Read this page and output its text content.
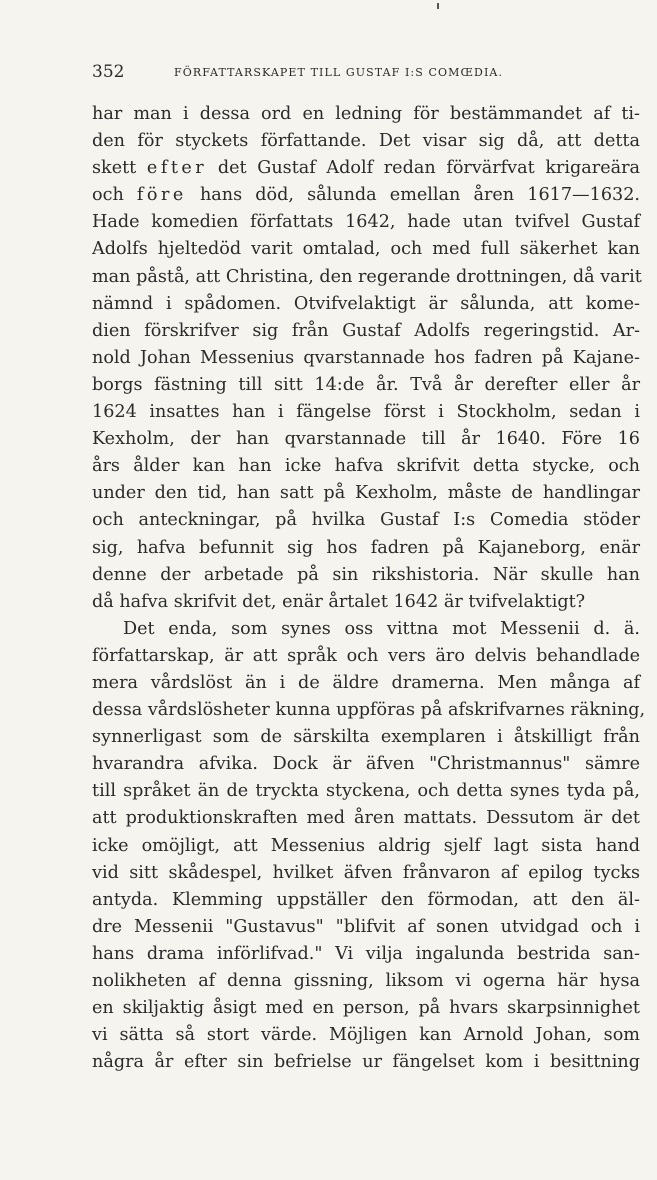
352	FÖRFATTARSKAPET TILL GUSTAF I:S COMŒDIA.
har man i dessa ord en ledning för bestämmandet af ti-
den för styckets författande. Det visar sig då, att detta
skett efter det Gustaf Adolf redan förvärfvat krigareära
och före hans död, sålunda emellan åren 1617—1632.
Hade komedien författats 1642, hade utan tvifvel Gustaf
Adolfs hjeltedöd varit omtalad, och med full säkerhet kan
man påstå, att Christina, den regerande drottningen, då varit
nämnd i spådomen. Otvifvelaktigt är sålunda, att kome-
dien förskrifver sig från Gustaf Adolfs regeringstid. Ar-
nold Johan Messenius qvarstannade hos fadren på Kajane-
borgs fästning till sitt 14:de år. Två år derefter eller år
1624 insattes han i fängelse först i Stockholm, sedan i
Kexholm, der han qvarstannade till år 1640. Före 16
års ålder kan han icke hafva skrifvit detta stycke, och
under den tid, han satt på Kexholm, måste de handlingar
och anteckningar, på hvilka Gustaf I:s Comedia stöder
sig, hafva befunnit sig hos fadren på Kajaneborg, enär
denne der arbetade på sin rikshistoria. När skulle han
då hafva skrifvit det, enär årtalet 1642 är tvifvelaktigt?
Det enda, som synes oss vittna mot Messenii d. ä.
författarskap, är att språk och vers äro delvis behandlade
mera vårdslöst än i de äldre dramerna. Men många af
dessa vårdslösheter kunna uppföras på afskrifvarnes räkning,
synnerligast som de särskilta exemplaren i åtskilligt från
hvarandra afvika. Dock är äfven "Christmannus" sämre
till språket än de tryckta styckena, och detta synes tyda på,
att produktionskraften med åren mattats. Dessutom är det
icke omöjligt, att Messenius aldrig sjelf lagt sista hand
vid sitt skådespel, hvilket äfven frånvaron af epilog tycks
antyda. Klemming uppställer den förmodan, att den äl-
dre Messenii "Gustavus" "blifvit af sonen utvidgad och i
hans drama införlifvad." Vi vilja ingalunda bestrida san-
nolikheten af denna gissning, liksom vi ogerna här hysa
en skiljaktig åsigt med en person, på hvars skarpsinnighet
vi sätta så stort värde. Möjligen kan Arnold Johan, som
några år efter sin befrielse ur fängelset kom i besittning
